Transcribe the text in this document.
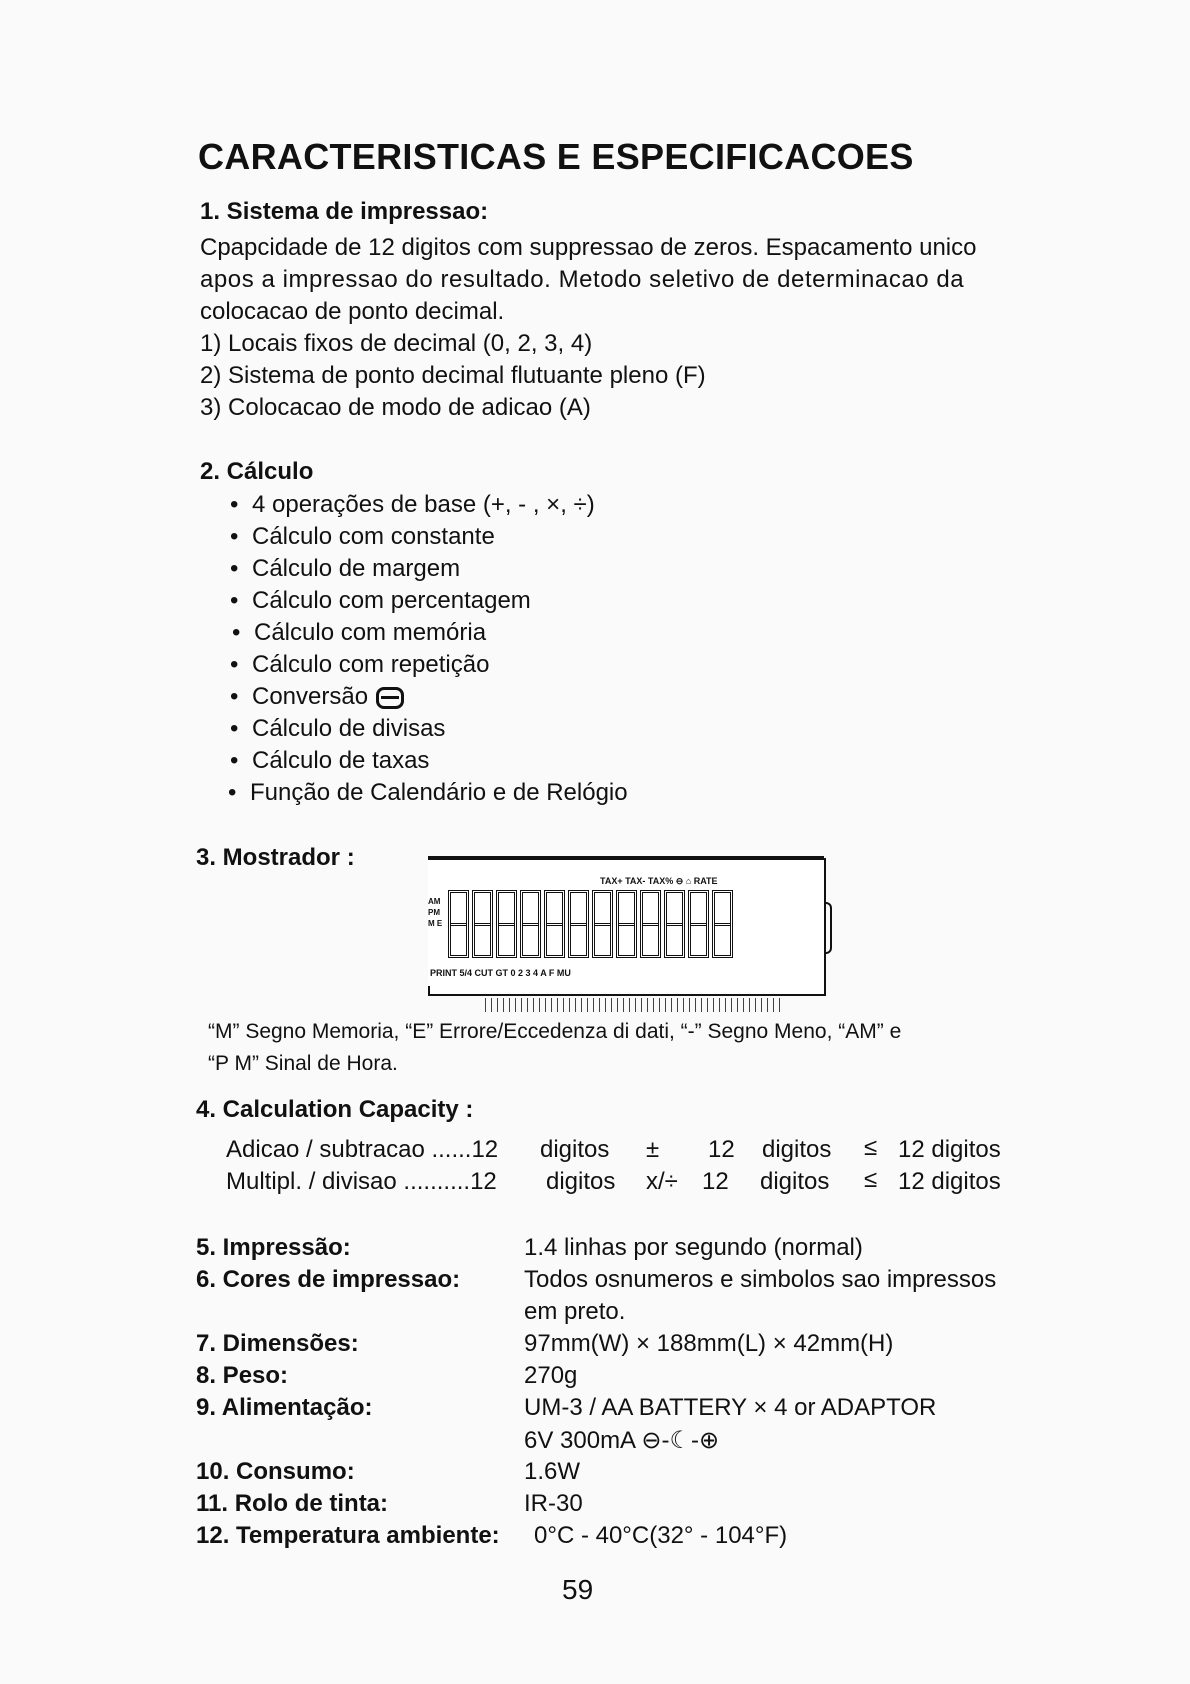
CARACTERISTICAS E ESPECIFICACOES
1. Sistema de impressao:
Cpapcidade de 12 digitos com suppressao de zeros. Espacamento unico
apos a impressao do resultado. Metodo seletivo de determinacao da
colocacao de ponto decimal.
1) Locais fixos de decimal (0, 2, 3, 4)
2) Sistema de ponto decimal flutuante pleno (F)
3) Colocacao de modo de adicao (A)
2. Cálculo
• 4 operações de base (+, - , ×, ÷)
• Cálculo com constante
• Cálculo de margem
• Cálculo com percentagem
• Cálculo com memória
• Cálculo com repetição
• Conversão
• Cálculo de divisas
• Cálculo de taxas
• Função de Calendário e de Relógio
3. Mostrador :
TAX+ TAX- TAX% ⊖ ⌂ RATE
AM PM M E
PRINT 5/4 CUT GT 0 2 3 4 A F MU
“M” Segno Memoria, “E” Errore/Eccedenza di dati, “-” Segno Meno, “AM” e
“P M” Sinal de Hora.
4. Calculation Capacity :
Adicao / subtracao ......12 digitos ± 12 digitos ≤ 12 digitos
Multipl. / divisao ..........12 digitos x/÷ 12 digitos ≤ 12 digitos
5. Impressão:	1.4 linhas por segundo (normal)
6. Cores de impressao:	Todos osnumeros e simbolos sao impressos
em preto.
7. Dimensões:	97mm(W) × 188mm(L) × 42mm(H)
8. Peso:	270g
9. Alimentação:	UM-3 / AA BATTERY × 4 or ADAPTOR
6V 300mA ⊖-☾-⊕
10. Consumo:	1.6W
11. Rolo de tinta:	IR-30
12. Temperatura ambiente: 0°C - 40°C(32° - 104°F)
59
